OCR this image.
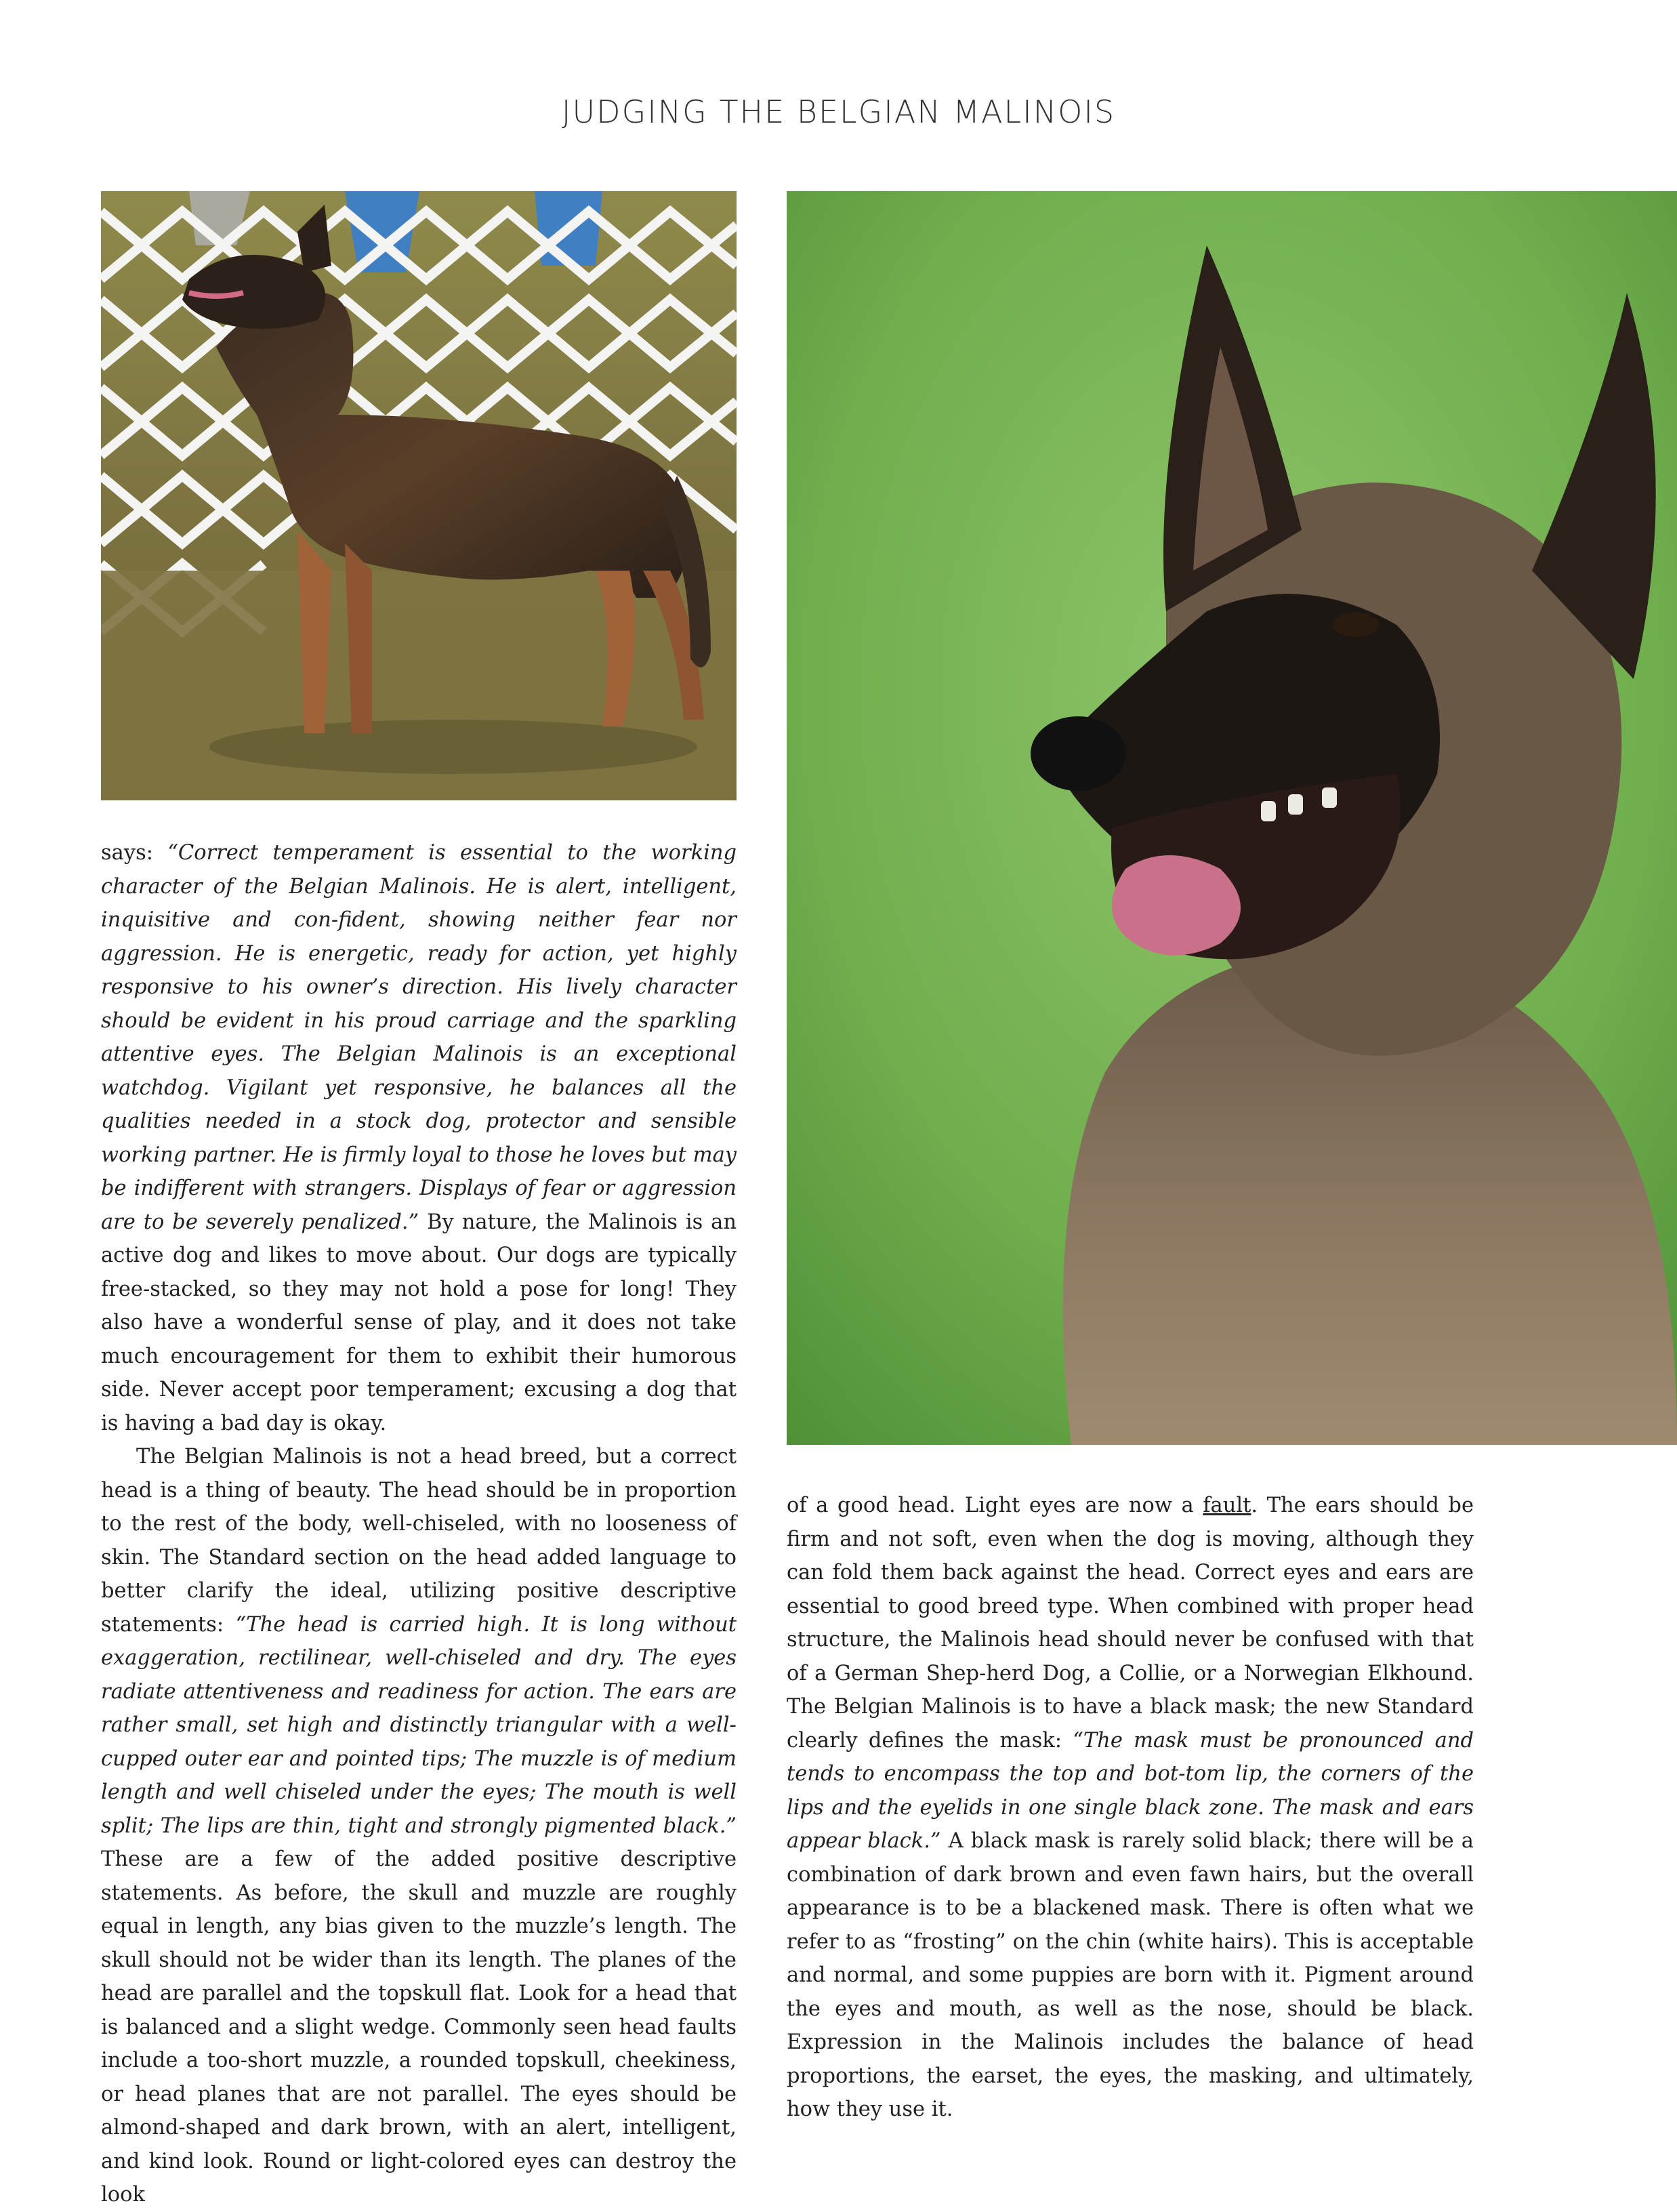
JUDGING THE BELGIAN MALINOIS

says: “Correct temperament is essential to the working character of the Belgian Malinois. He is alert, intelligent, inquisitive and con-fident, showing neither fear nor aggression. He is energetic, ready for action, yet highly responsive to his owner’s direction. His lively character should be evident in his proud carriage and the sparkling attentive eyes. The Belgian Malinois is an exceptional watchdog. Vigilant yet responsive, he balances all the qualities needed in a stock dog, protector and sensible working partner. He is firmly loyal to those he loves but may be indifferent with strangers. Displays of fear or aggression are to be severely penalized.” By nature, the Malinois is an active dog and likes to move about. Our dogs are typically free-stacked, so they may not hold a pose for long! They also have a wonderful sense of play, and it does not take much encouragement for them to exhibit their humorous side. Never accept poor temperament; excusing a dog that is having a bad day is okay.

The Belgian Malinois is not a head breed, but a correct head is a thing of beauty. The head should be in proportion to the rest of the body, well-chiseled, with no looseness of skin. The Standard section on the head added language to better clarify the ideal, utilizing positive descriptive statements: “The head is carried high. It is long without exaggeration, rectilinear, well-chiseled and dry. The eyes radiate attentiveness and readiness for action. The ears are rather small, set high and distinctly triangular with a well-cupped outer ear and pointed tips; The muzzle is of medium length and well chiseled under the eyes; The mouth is well split; The lips are thin, tight and strongly pigmented black.” These are a few of the added positive descriptive statements. As before, the skull and muzzle are roughly equal in length, any bias given to the muzzle’s length. The skull should not be wider than its length. The planes of the head are parallel and the topskull flat. Look for a head that is balanced and a slight wedge. Commonly seen head faults include a too-short muzzle, a rounded topskull, cheekiness, or head planes that are not parallel. The eyes should be almond-shaped and dark brown, with an alert, intelligent, and kind look. Round or light-colored eyes can destroy the look

of a good head. Light eyes are now a fault. The ears should be firm and not soft, even when the dog is moving, although they can fold them back against the head. Correct eyes and ears are essential to good breed type. When combined with proper head structure, the Malinois head should never be confused with that of a German Shep-herd Dog, a Collie, or a Norwegian Elkhound. The Belgian Malinois is to have a black mask; the new Standard clearly defines the mask: “The mask must be pronounced and tends to encompass the top and bot-tom lip, the corners of the lips and the eyelids in one single black zone. The mask and ears appear black.” A black mask is rarely solid black; there will be a combination of dark brown and even fawn hairs, but the overall appearance is to be a blackened mask. There is often what we refer to as “frosting” on the chin (white hairs). This is acceptable and normal, and some puppies are born with it. Pigment around the eyes and mouth, as well as the nose, should be black. Expression in the Malinois includes the balance of head proportions, the earset, the eyes, the masking, and ultimately, how they use it.
